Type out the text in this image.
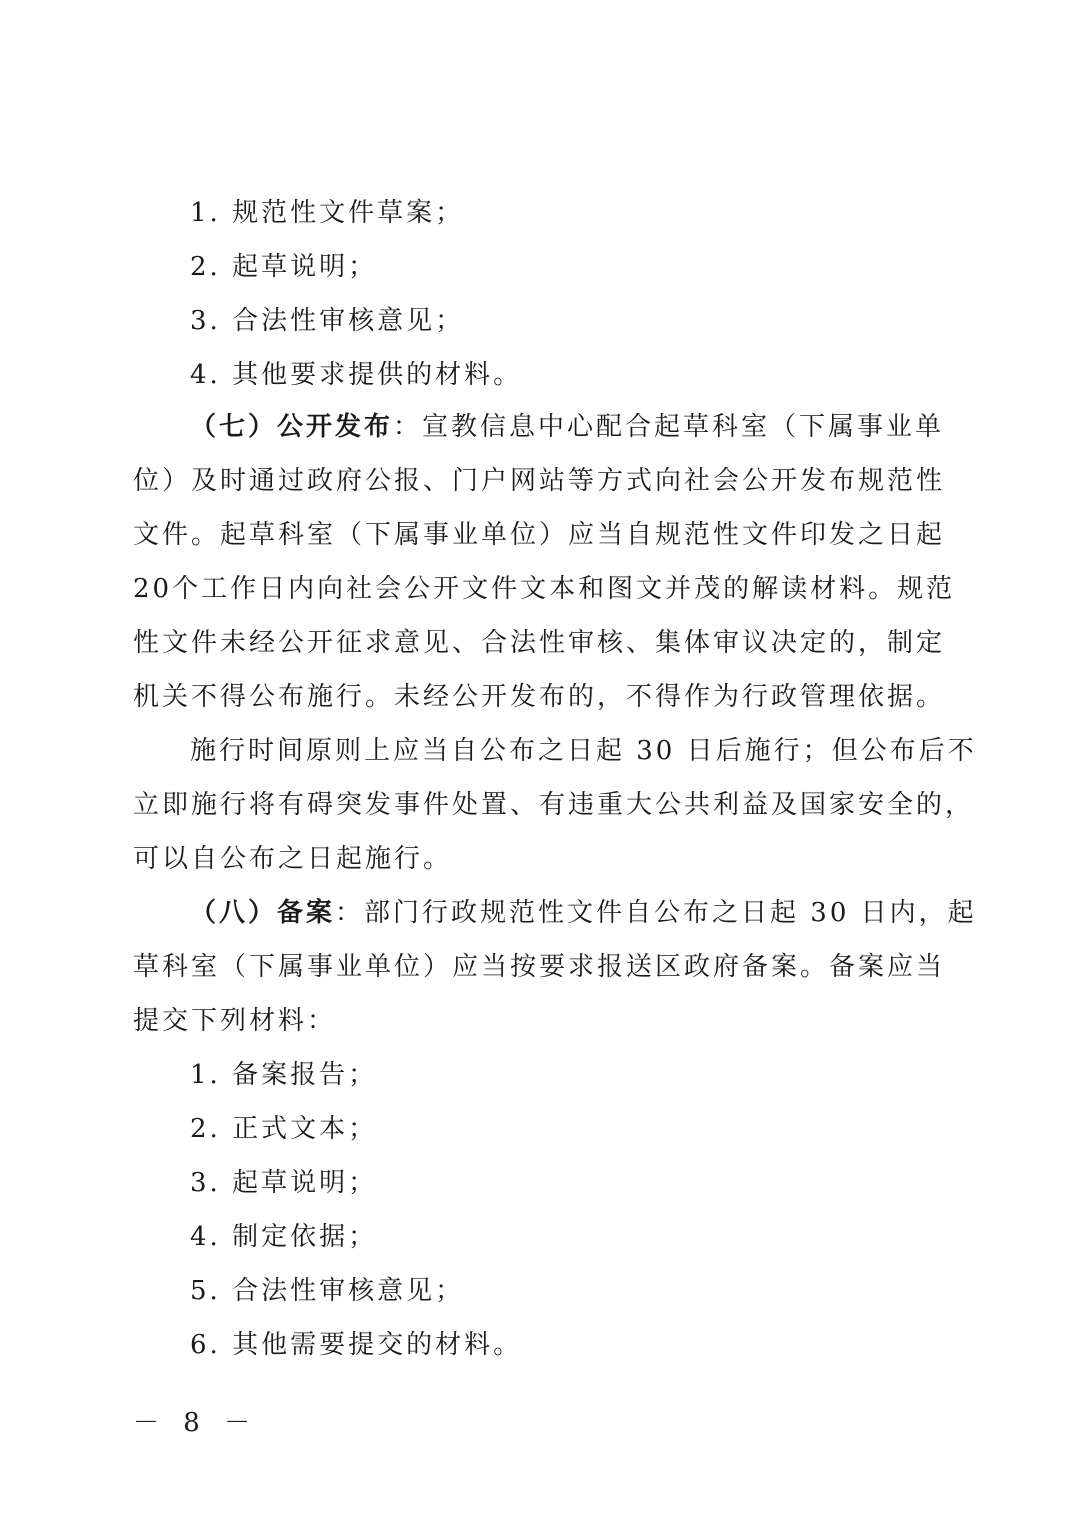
1. 规范性文件草案；
2. 起草说明；
3. 合法性审核意见；
4. 其他要求提供的材料。
（七）公开发布：宣教信息中心配合起草科室（下属事业单
位）及时通过政府公报、门户网站等方式向社会公开发布规范性
文件。起草科室（下属事业单位）应当自规范性文件印发之日起
20个工作日内向社会公开文件文本和图文并茂的解读材料。规范
性文件未经公开征求意见、合法性审核、集体审议决定的，制定
机关不得公布施行。未经公开发布的，不得作为行政管理依据。
施行时间原则上应当自公布之日起 30 日后施行；但公布后不
立即施行将有碍突发事件处置、有违重大公共利益及国家安全的，
可以自公布之日起施行。
（八）备案：部门行政规范性文件自公布之日起 30 日内，起
草科室（下属事业单位）应当按要求报送区政府备案。备案应当
提交下列材料：
1. 备案报告；
2. 正式文本；
3. 起草说明；
4. 制定依据；
5. 合法性审核意见；
6. 其他需要提交的材料。
－ 8 －
